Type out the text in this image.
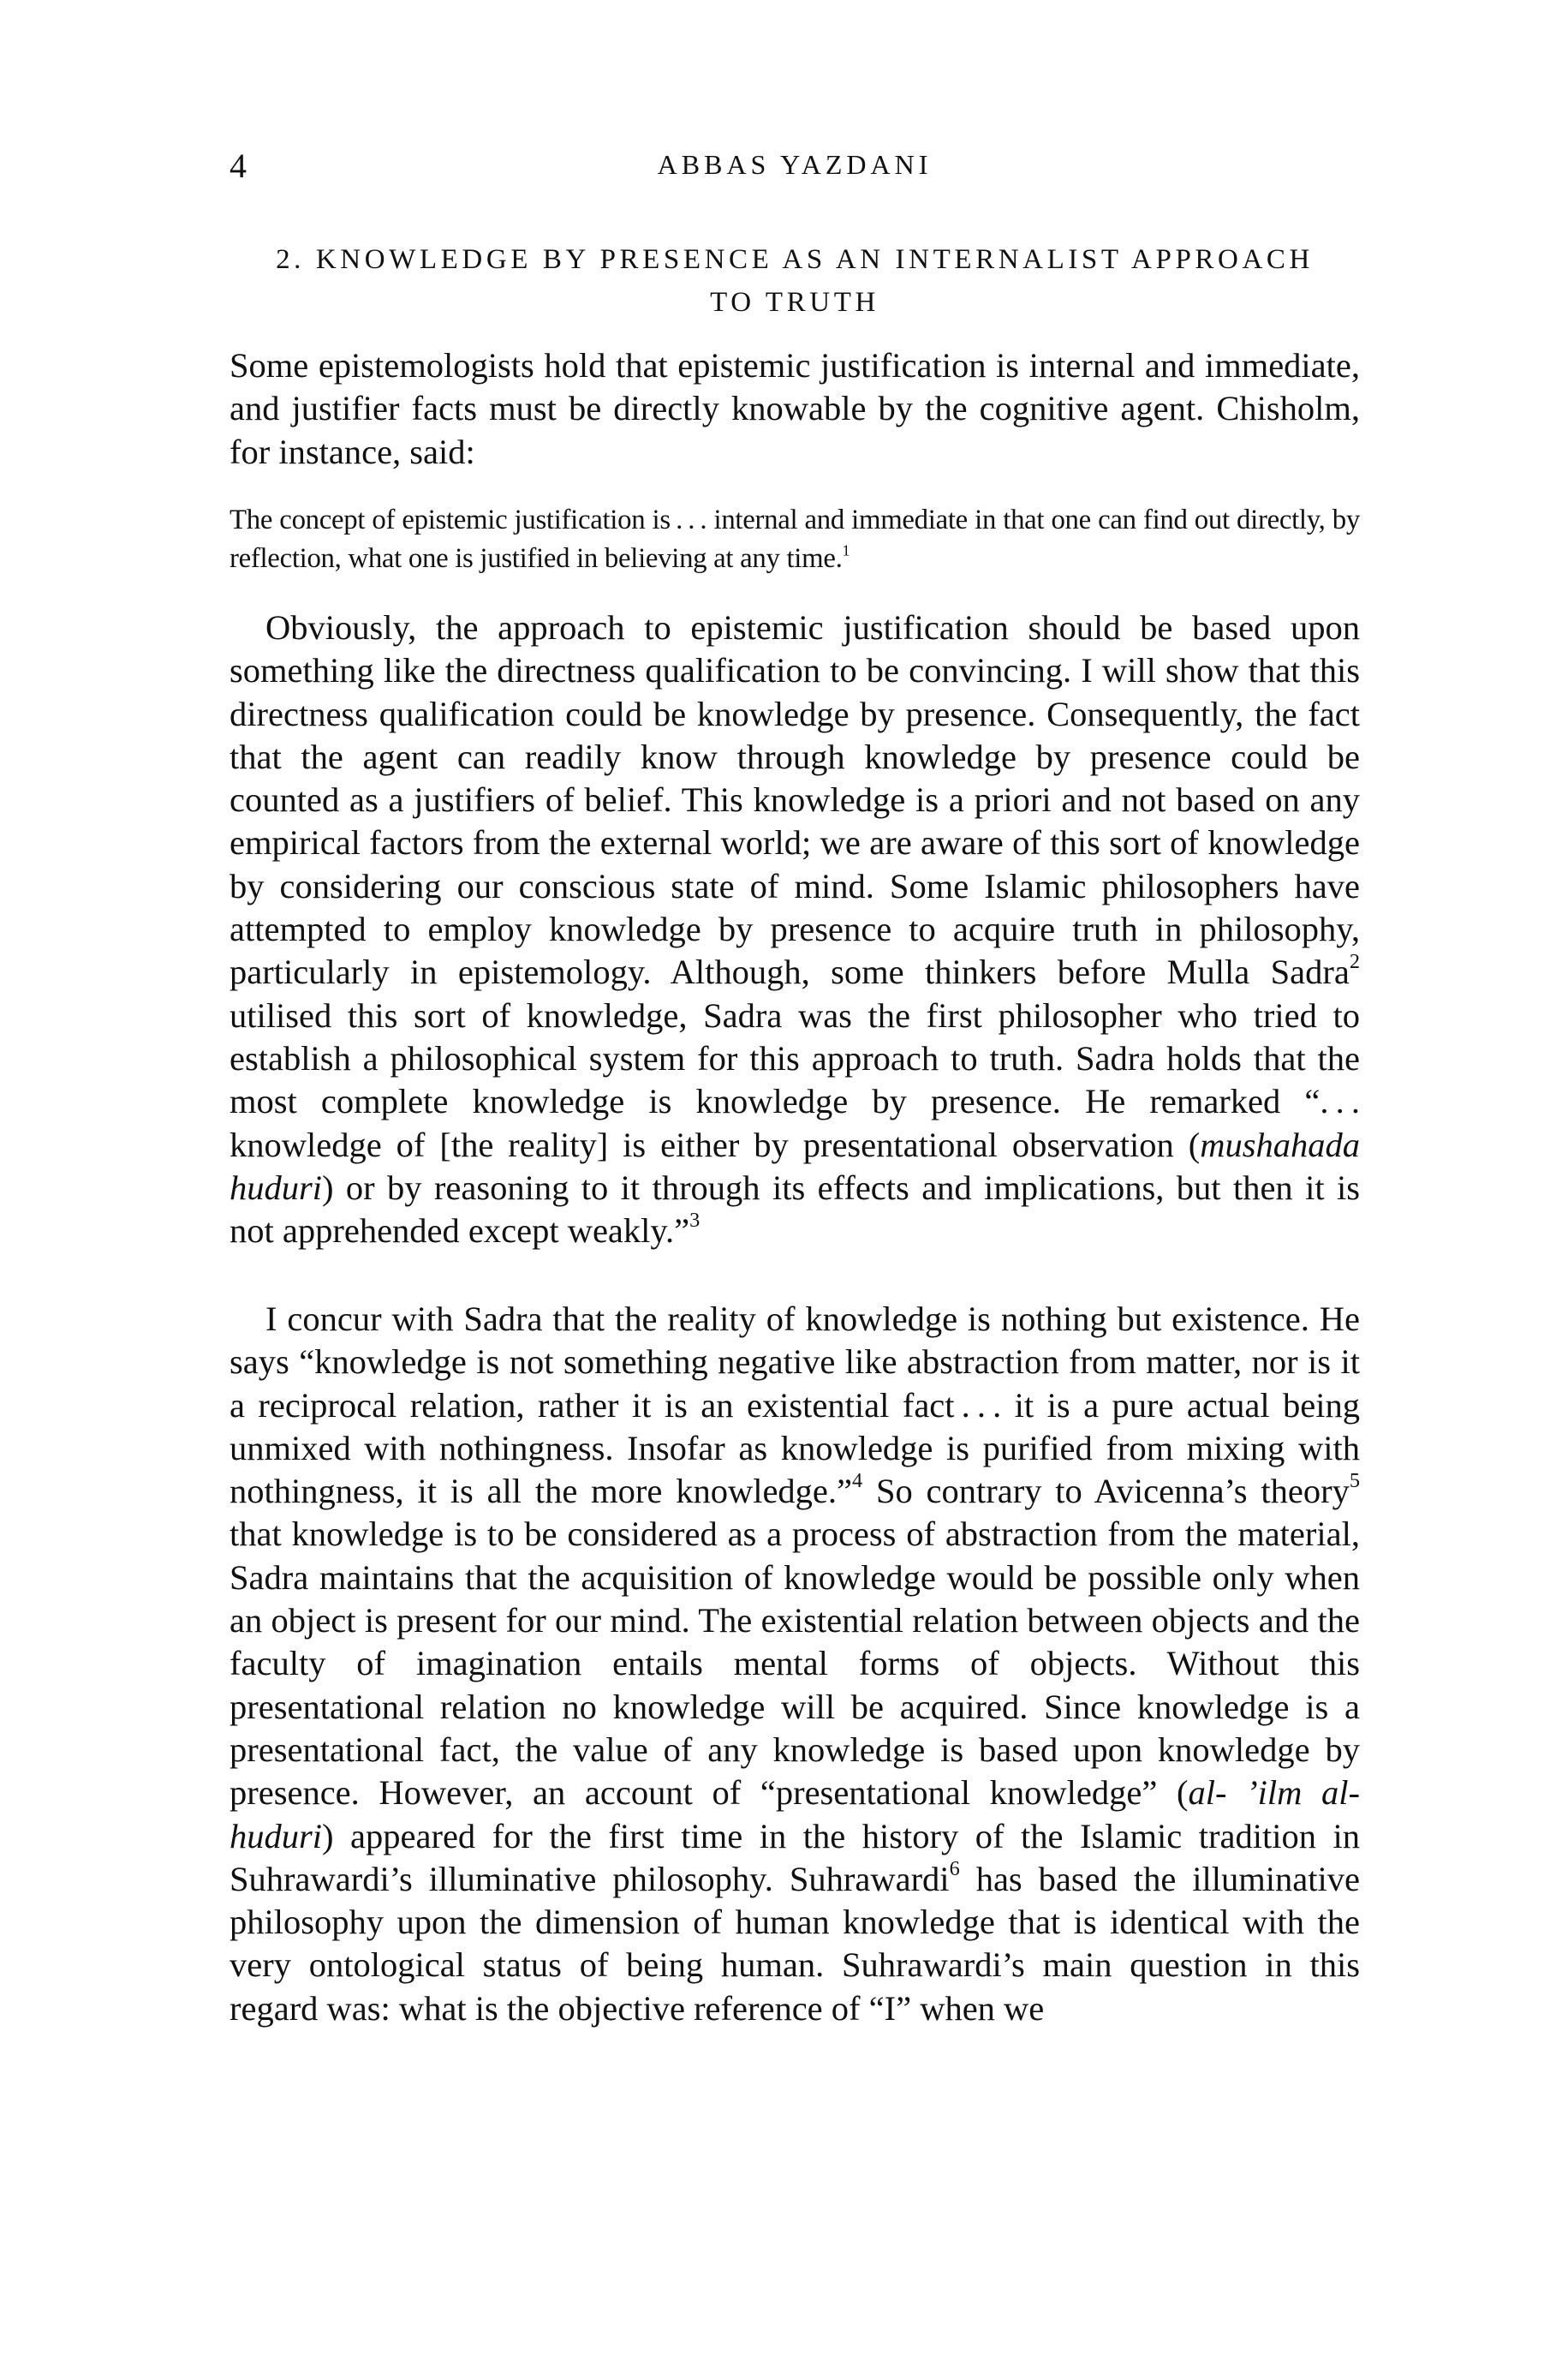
4	ABBAS YAZDANI
2. KNOWLEDGE BY PRESENCE AS AN INTERNALIST APPROACH
TO TRUTH

Some epistemologists hold that epistemic justification is internal and immediate, and justifier facts must be directly knowable by the cognitive agent. Chisholm, for instance, said:

The concept of epistemic justification is . . . internal and immediate in that one can find out directly, by reflection, what one is justified in believing at any time.$^1$

Obviously, the approach to epistemic justification should be based upon something like the directness qualification to be convincing. I will show that this directness qualification could be knowledge by presence. Consequently, the fact that the agent can readily know through knowledge by presence could be counted as a justifiers of belief. This knowledge is a priori and not based on any empirical factors from the external world; we are aware of this sort of knowledge by considering our conscious state of mind. Some Islamic philosophers have attempted to employ knowledge by presence to acquire truth in philosophy, particularly in epistemology. Although, some thinkers before Mulla Sadra$^2$ utilised this sort of knowledge, Sadra was the first philosopher who tried to establish a philosophical system for this approach to truth. Sadra holds that the most complete knowledge is knowledge by presence. He remarked “. . . knowledge of [the reality] is either by presentational observation (mushahada huduri) or by reasoning to it through its effects and implications, but then it is not apprehended except weakly.”$^3$

I concur with Sadra that the reality of knowledge is nothing but existence. He says “knowledge is not something negative like abstraction from matter, nor is it a reciprocal relation, rather it is an existential fact . . . it is a pure actual being unmixed with nothingness. Insofar as knowledge is purified from mixing with nothingness, it is all the more knowledge.”$^4$ So contrary to Avicenna’s theory$^5$ that knowledge is to be considered as a process of abstraction from the material, Sadra maintains that the acquisition of knowledge would be possible only when an object is present for our mind. The existential relation between objects and the faculty of imagination entails mental forms of objects. Without this presentational relation no knowledge will be acquired. Since knowledge is a presentational fact, the value of any knowledge is based upon knowledge by presence. However, an account of “presentational knowledge” (al- ’ilm al-huduri) appeared for the first time in the history of the Islamic tradition in Suhrawardi’s illuminative philosophy. Suhrawardi$^6$ has based the illuminative philosophy upon the dimension of human knowledge that is identical with the very ontological status of being human. Suhrawardi’s main question in this regard was: what is the objective reference of “I” when we
